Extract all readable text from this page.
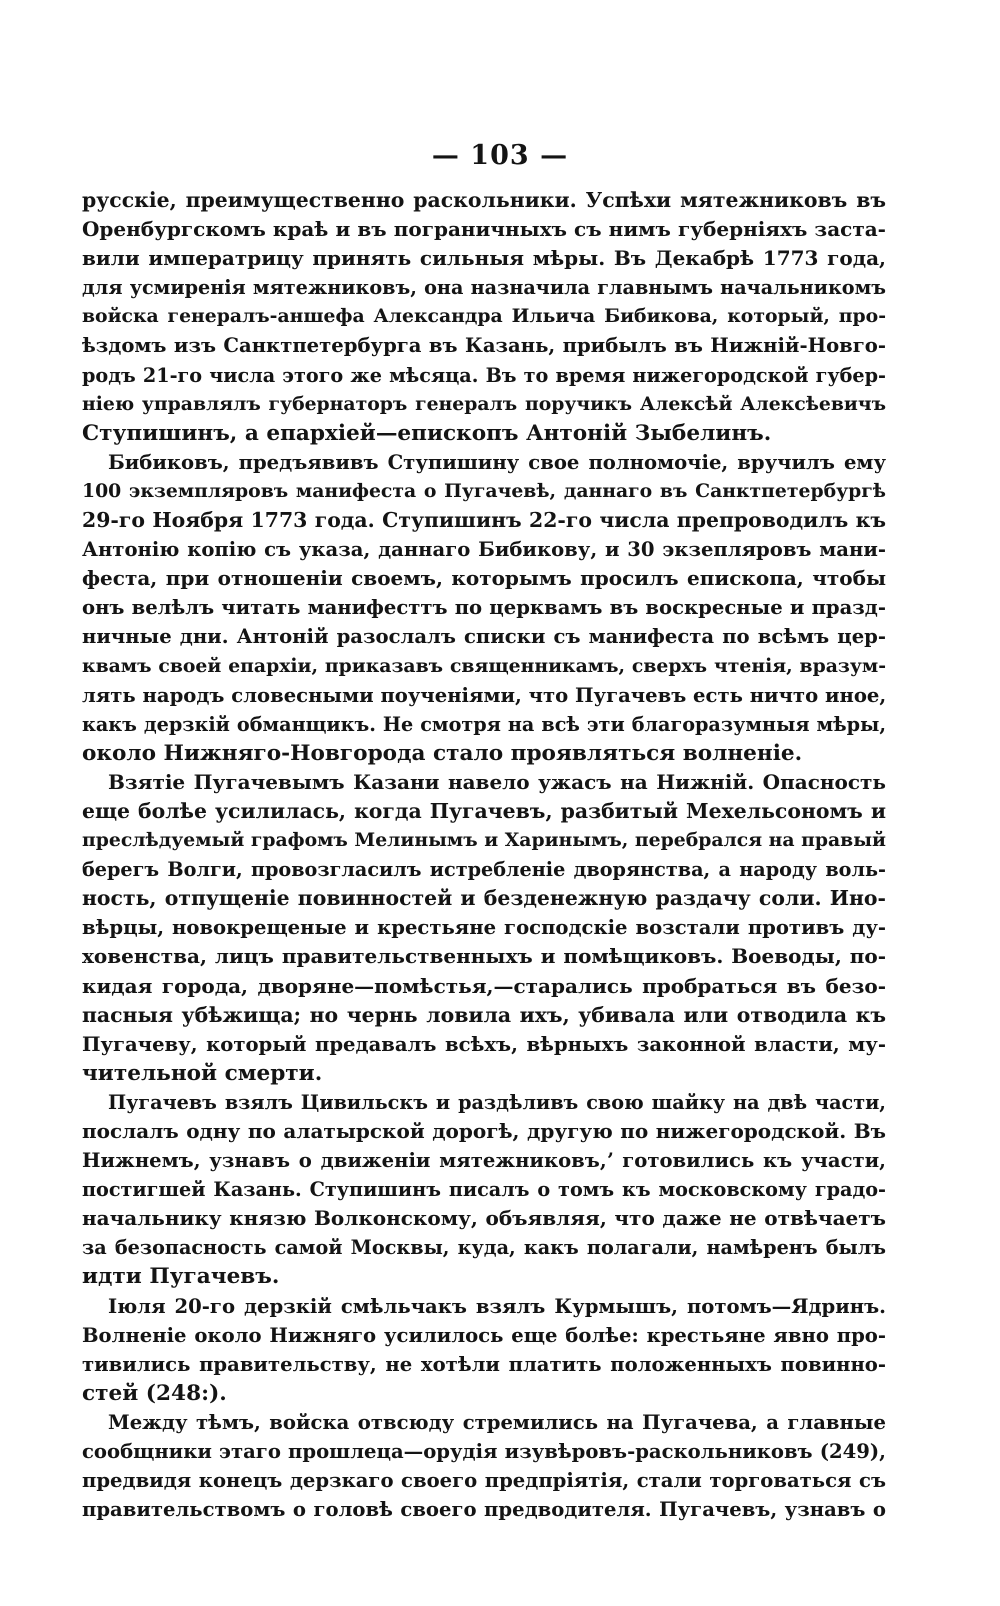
— 103 —
русскіе, преимущественно раскольники. Успѣхи мятежниковъ въ
Оренбургскомъ краѣ и въ пограничныхъ съ нимъ губерніяхъ заста-
вили императрицу принять сильныя мѣры. Въ Декабрѣ 1773 года,
для усмиренія мятежниковъ, она назначила главнымъ начальникомъ
войска генералъ-аншефа Александра Ильича Бибикова, который, про-
ѣздомъ изъ Санктпетербурга въ Казань, прибылъ въ Нижній-Новго-
родъ 21-го числа этого же мѣсяца. Въ то время нижегородской губер-
ніею управлялъ губернаторъ генералъ поручикъ Алексѣй Алексѣевичъ
Ступишинъ, а епархіей—епископъ Антоній Зыбелинъ.
Бибиковъ, предъявивъ Ступишину свое полномочіе, вручилъ ему
100 экземпляровъ манифеста о Пугачевѣ, даннаго въ Санктпетербургѣ
29-го Ноября 1773 года. Ступишинъ 22-го числа препроводилъ къ
Антонію копію съ указа, даннаго Бибикову, и 30 экзепляровъ мани-
феста, при отношеніи своемъ, которымъ просилъ епископа, чтобы
онъ велѣлъ читать манифесттъ по церквамъ въ воскресные и празд-
ничные дни. Антоній разослалъ списки съ манифеста по всѣмъ цер-
квамъ своей епархіи, приказавъ священникамъ, сверхъ чтенія, вразум-
лять народъ словесными поученіями, что Пугачевъ есть ничто иное,
какъ дерзкій обманщикъ. Не смотря на всѣ эти благоразумныя мѣры,
около Нижняго-Новгорода стало проявляться волненіе.
Взятіе Пугачевымъ Казани навело ужасъ на Нижній. Опасность
еще болѣе усилилась, когда Пугачевъ, разбитый Мехельсономъ и
преслѣдуемый графомъ Мелинымъ и Харинымъ, перебрался на правый
берегъ Волги, провозгласилъ истребленіе дворянства, а народу воль-
ность, отпущеніе повинностей и безденежную раздачу соли. Ино-
вѣрцы, новокрещеные и крестьяне господскіе возстали противъ ду-
ховенства, лицъ правительственныхъ и помѣщиковъ. Воеводы, по-
кидая города, дворяне—помѣстья,—старались пробраться въ безо-
пасныя убѣжища; но чернь ловила ихъ, убивала или отводила къ
Пугачеву, который предавалъ всѣхъ, вѣрныхъ законной власти, му-
чительной смерти.
Пугачевъ взялъ Цивильскъ и раздѣливъ свою шайку на двѣ части,
послалъ одну по алатырской дорогѣ, другую по нижегородской. Въ
Нижнемъ, узнавъ о движеніи мятежниковъ,ʼ готовились къ участи,
постигшей Казань. Ступишинъ писалъ о томъ къ московскому градо-
начальнику князю Волконскому, объявляя, что даже не отвѣчаетъ
за безопасность самой Москвы, куда, какъ полагали, намѣренъ былъ
идти Пугачевъ.
Іюля 20-го дерзкій смѣльчакъ взялъ Курмышъ, потомъ—Ядринъ.
Волненіе около Нижняго усилилось еще болѣе: крестьяне явно про-
тивились правительству, не хотѣли платить положенныхъ повинно-
стей (248:).
Между тѣмъ, войска отвсюду стремились на Пугачева, а главные
сообщники этаго прошлеца—орудія изувѣровъ-раскольниковъ (249),
предвидя конецъ дерзкаго своего предпріятія, стали торговаться съ
правительствомъ о головѣ своего предводителя. Пугачевъ, узнавъ о
